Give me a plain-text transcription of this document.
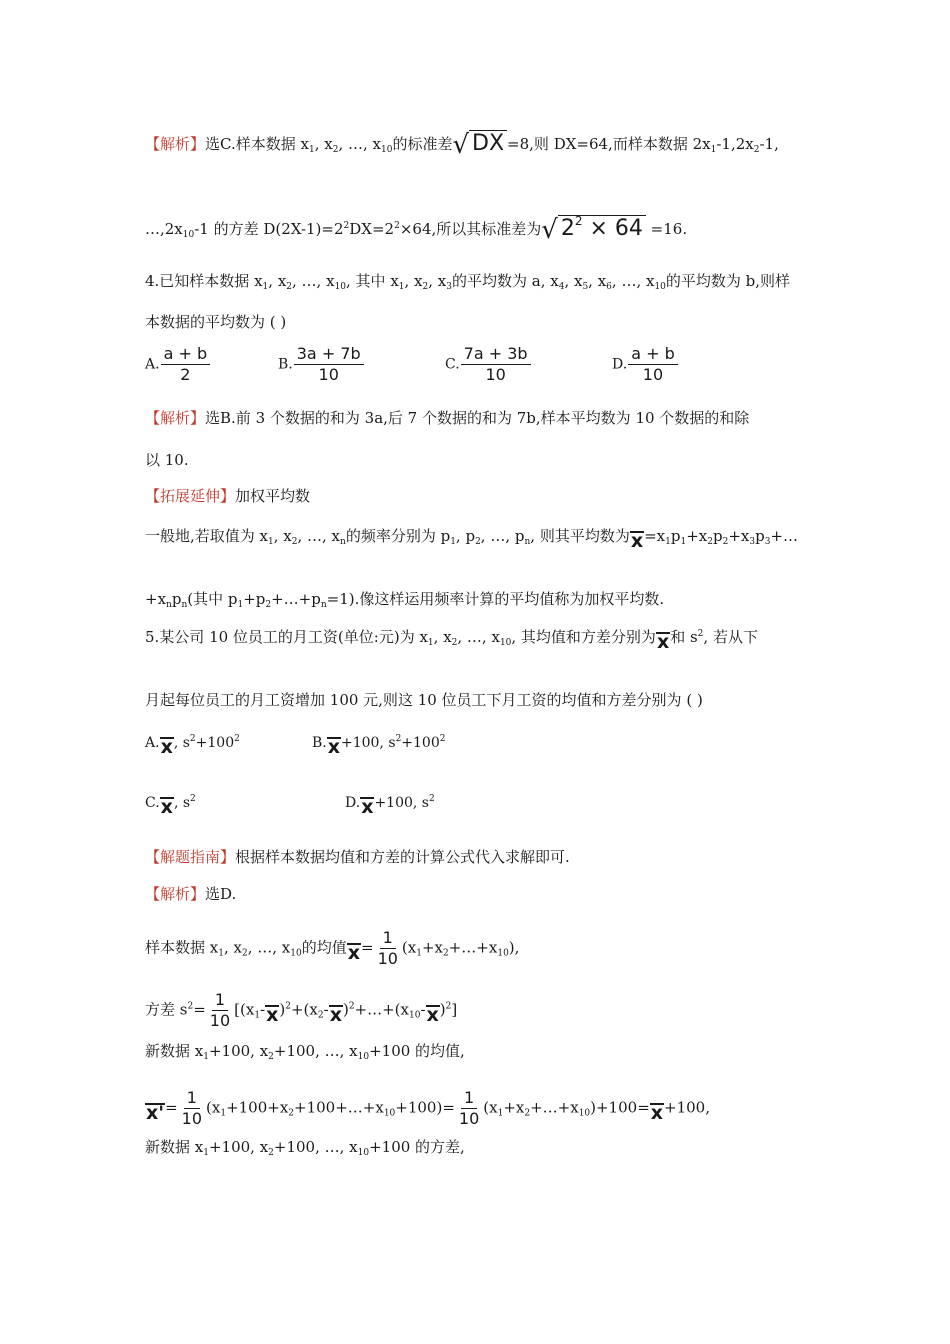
【解析】选C.样本数据 $x_1$, $x_2$, …, $x_{10}$的标准差 √ DX =8,则 DX=64,而样本数据 $2x_1-1,2x_2-1$,
$\dots,2x_{10}-1$ 的方差 $D(2X-1)=2^2DX=2^2\times 64$,所以其标准差为 √ $2^2 \times 64 =16$.
4.已知样本数据 $x_1$, $x_2$, …, $x_{10}$, 其中 $x_1$, $x_2$, $x_3$的平均数为 a, $x_4$, $x_5$, $x_6$, …, $x_{10}$的平均数为 b,则样
本数据的平均数为 ( )
A. $\frac{a + b}{2}$	B. $\frac{3a + 7b}{10}$	C. $\frac{7a + 3b}{10}$	D. $\frac{a + b}{10}$
【解析】选B.前 3 个数据的和为 3a,后 7 个数据的和为 7b,样本平均数为 10 个数据的和除
以 10.
【拓展延伸】加权平均数
一般地,若取值为 $x_1$, $x_2$, …, $x_n$的频率分别为 $p_1$, $p_2$, …, $p_n$, 则其平均数为$x=x_1p_1+x_2p_2+x_3p_3+\dots$
$+x_np_n$(其中 $p_1+p_2+\dots+p_n=1$).像这样运用频率计算的平均值称为加权平均数.
5.某公司 10 位员工的月工资(单位:元)为 $x_1$, $x_2$, …, $x_{10}$, 其均值和方差分别为x和 $s^2$, 若从下
月起每位员工的月工资增加 100 元,则这 10 位员工下月工资的均值和方差分别为 ( )
A.x, $s^2+100^2$	B.x+100, $s^2+100^2$
C.x, $s^2$	D.x+100, $s^2$
【解题指南】根据样本数据均值和方差的计算公式代入求解即可.
【解析】选D.
样本数据 $x_1$, $x_2$, …, $x_{10}$的均值$x= \frac{1}{10}$ $(x_1+x_2+\dots+x_{10})$,
方差 $s^2= \frac{1}{10}$ $[(x_1-x)^2+(x_2-x)^2+\dots+(x_{10}-x)^2]$
新数据 $x_1+100$, $x_2+100$, …, $x_{10}+100$ 的均值,
$x'= \frac{1}{10}$ $(x_1+100+x_2+100+\dots+x_{10}+100)= \frac{1}{10}$ $(x_1+x_2+\dots+x_{10})+100=x+100$,
新数据 $x_1+100$, $x_2+100$, …, $x_{10}+100$ 的方差,
